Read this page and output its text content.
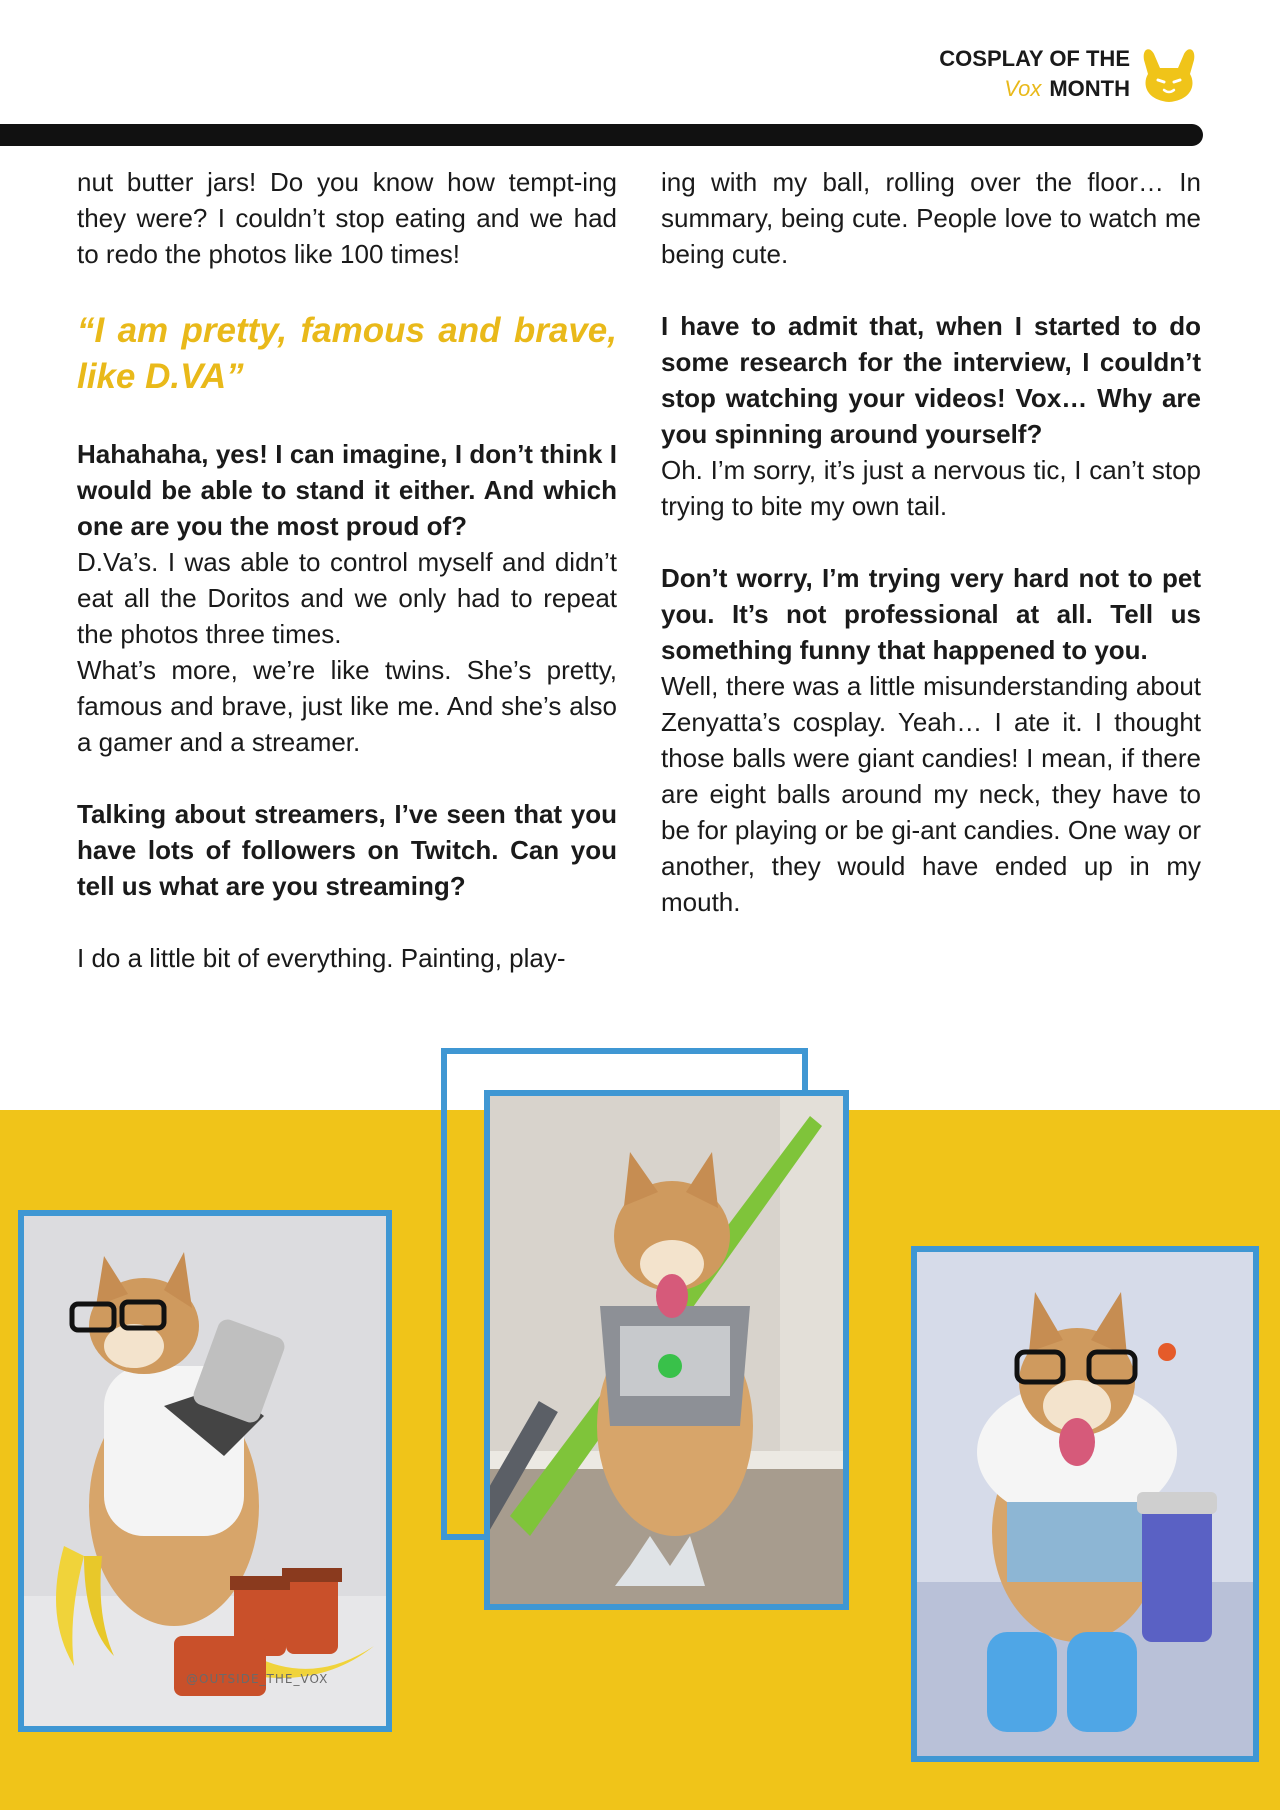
COSPLAY OF THE
Vox MONTH

nut butter jars! Do you know how tempt-ing they were? I couldn’t stop eating and we had to redo the photos like 100 times!

“I am pretty, famous and brave, like D.VA”

Hahahaha, yes! I can imagine, I don’t think I would be able to stand it either. And which one are you the most proud of?

D.Va’s. I was able to control myself and didn’t eat all the Doritos and we only had to repeat the photos three times.

What’s more, we’re like twins. She’s pretty, famous and brave, just like me. And she’s also a gamer and a streamer.

Talking about streamers, I’ve seen that you have lots of followers on Twitch. Can you tell us what are you streaming?

I do a little bit of everything. Painting, play-

ing with my ball, rolling over the floor… In summary, being cute. People love to watch me being cute.

I have to admit that, when I started to do some research for the interview, I couldn’t stop watching your videos! Vox… Why are you spinning around yourself?

Oh. I’m sorry, it’s just a nervous tic, I can’t stop trying to bite my own tail.

Don’t worry, I’m trying very hard not to pet you. It’s not professional at all. Tell us something funny that happened to you.

Well, there was a little misunderstanding about Zenyatta’s cosplay. Yeah… I ate it. I thought those balls were giant candies! I mean, if there are eight balls around my neck, they have to be for playing or be gi-ant candies. One way or another, they would have ended up in my mouth.

@OUTSIDE_THE_VOX
